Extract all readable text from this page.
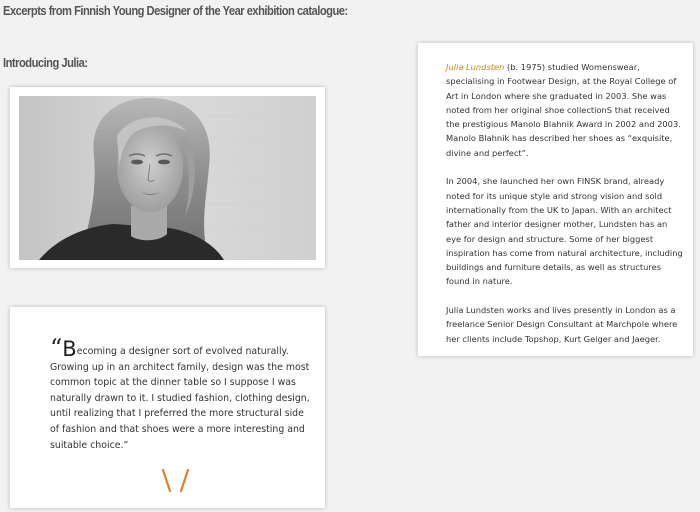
Excerpts from Finnish Young Designer of the Year exhibition catalogue:
Introducing Julia:
“Becoming a designer sort of evolved naturally. Growing up in an architect family, design was the most common topic at the dinner table so I suppose I was naturally drawn to it. I studied fashion, clothing design, until realizing that I preferred the more structural side of fashion and that shoes were a more interesting and suitable choice.”

Julia Lundsten (b. 1975) studied Womenswear, specialising in Footwear Design, at the Royal College of Art in London where she graduated in 2003. She was noted from her original shoe collectionS that received the prestigious Manolo Blahnik Award in 2002 and 2003. Manolo Blahnik has described her shoes as “exquisite, divine and perfect”.

In 2004, she launched her own FINSK brand, already noted for its unique style and strong vision and sold internationally from the UK to Japan. With an architect father and interior designer mother, Lundsten has an eye for design and structure. Some of her biggest inspiration has come from natural architecture, including buildings and furniture details, as well as structures found in nature.

Julia Lundsten works and lives presently in London as a freelance Senior Design Consultant at Marchpole where her clients include Topshop, Kurt Geiger and Jaeger.
